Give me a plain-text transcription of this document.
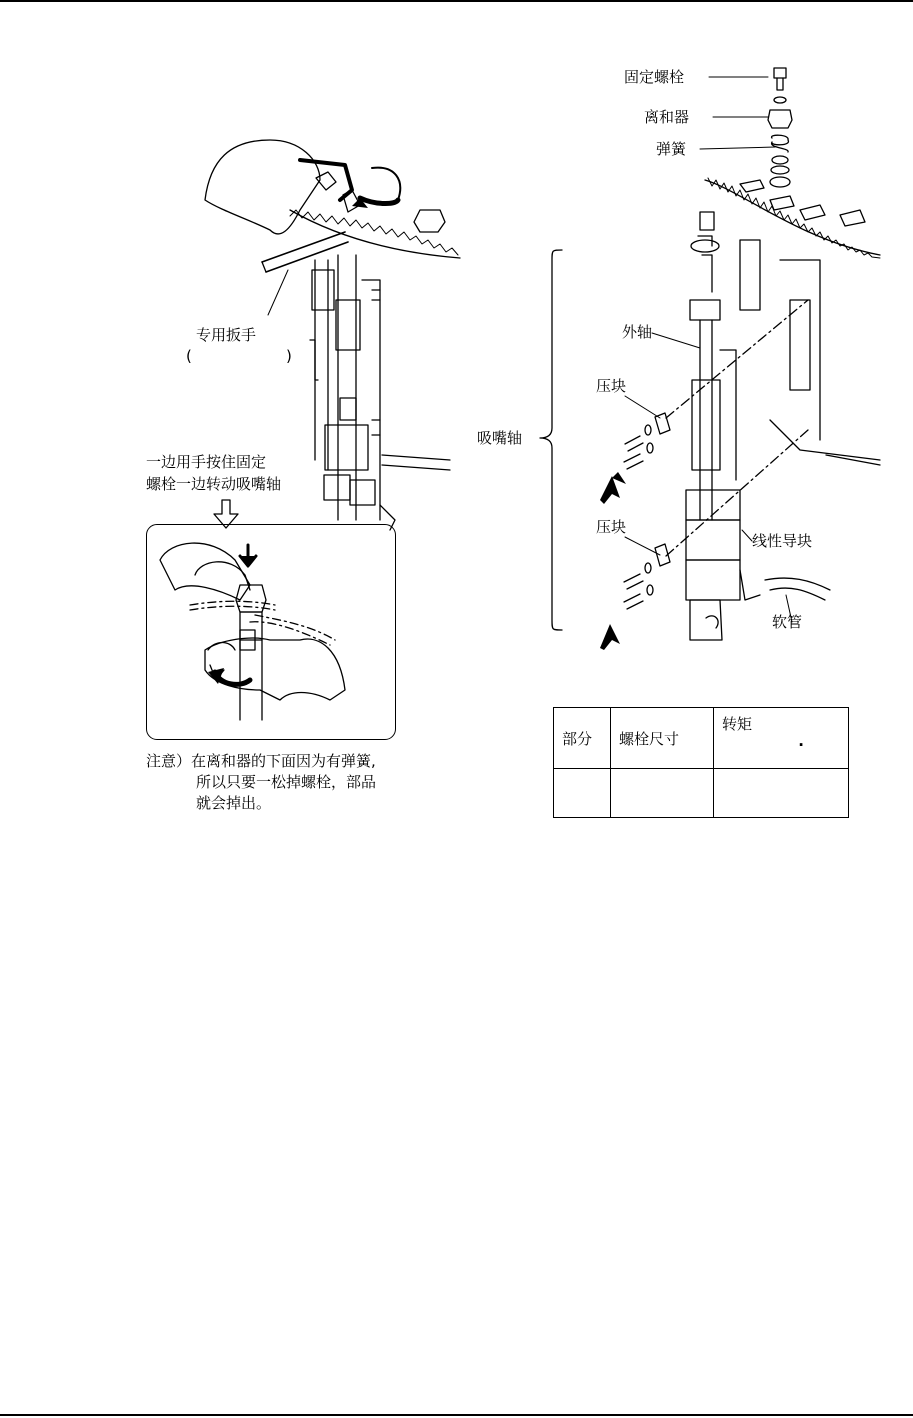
固定螺栓
离和器
弹簧
专用扳手
(	)
外轴
压块
吸嘴轴
一边用手按住固定
螺栓一边转动吸嘴轴
压块
线性导块
软管
注意）在离和器的下面因为有弹簧,
所以只要一松掉螺栓，部品
就会掉出。
部分	螺栓尺寸	转矩
.
